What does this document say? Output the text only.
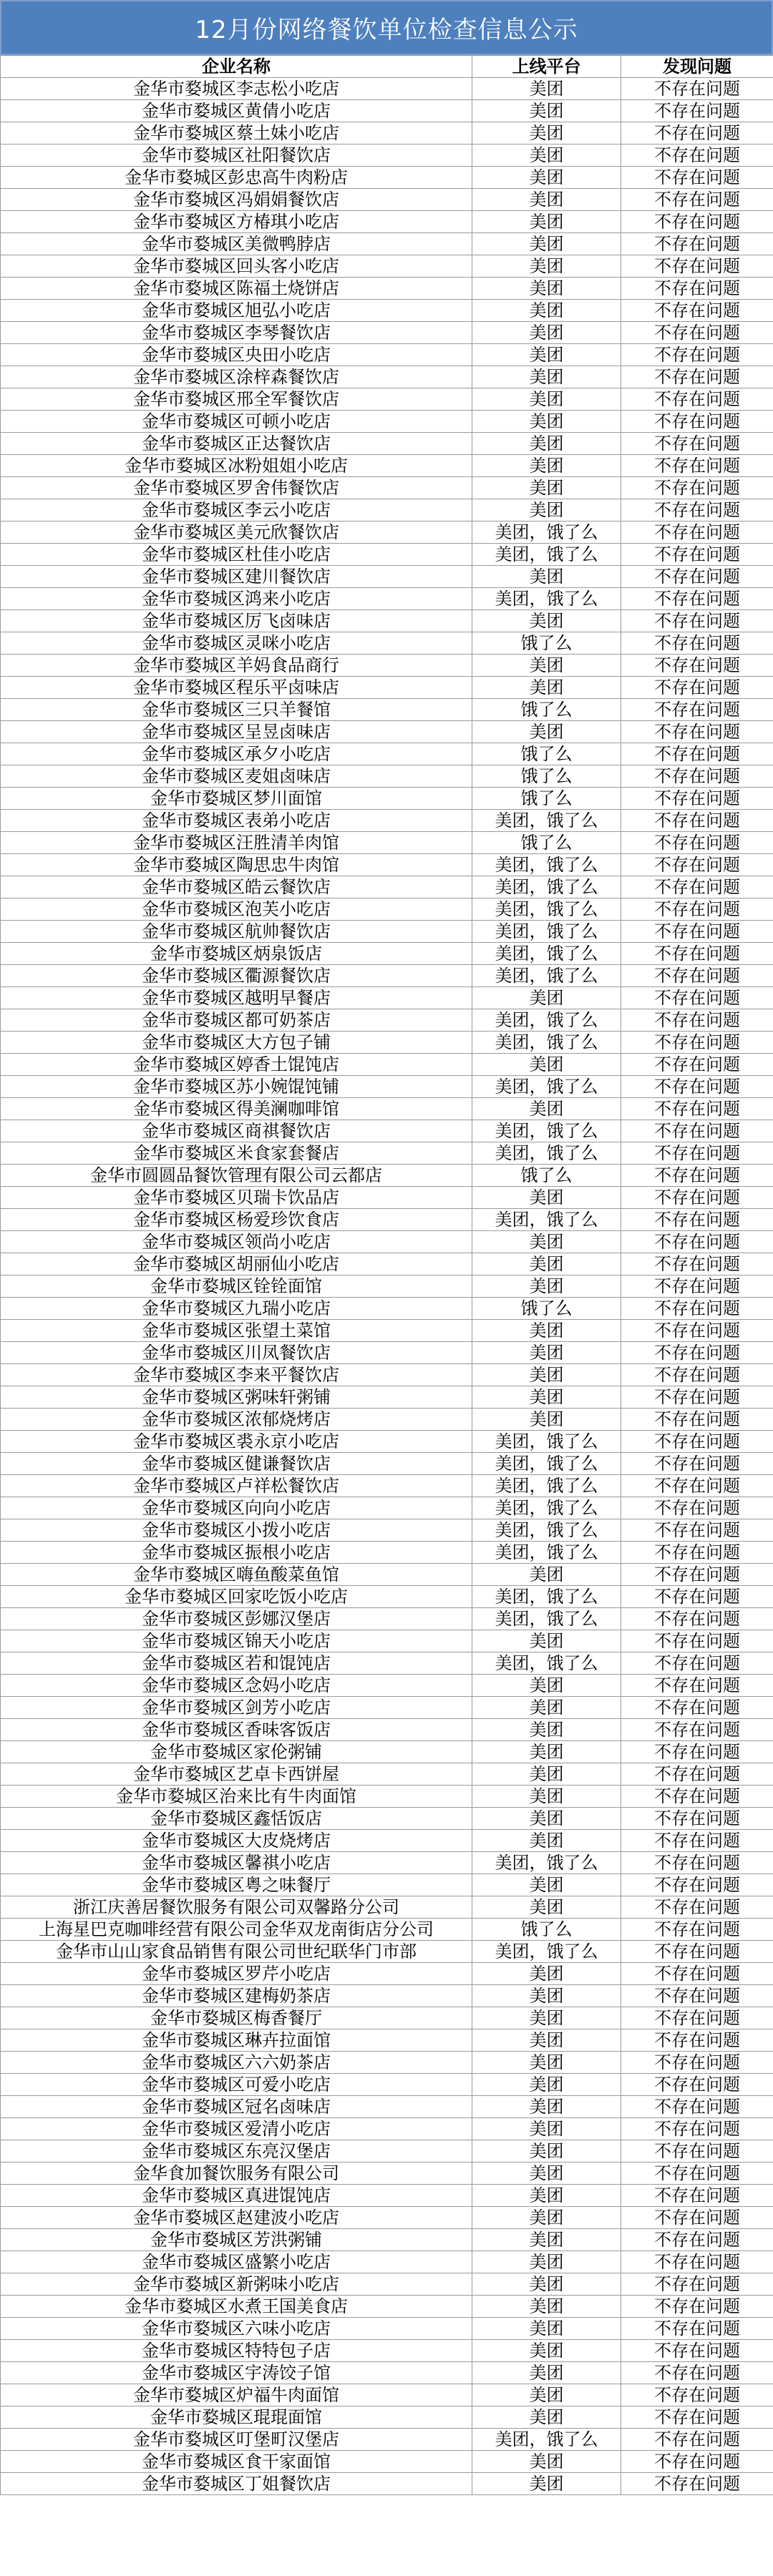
12月份网络餐饮单位检查信息公示
企业名称	上线平台	发现问题
金华市婺城区李志松小吃店	美团	不存在问题
金华市婺城区黄倩小吃店	美团	不存在问题
金华市婺城区蔡土妹小吃店	美团	不存在问题
金华市婺城区社阳餐饮店	美团	不存在问题
金华市婺城区彭忠高牛肉粉店	美团	不存在问题
金华市婺城区冯娟娟餐饮店	美团	不存在问题
金华市婺城区方椿琪小吃店	美团	不存在问题
金华市婺城区美微鸭脖店	美团	不存在问题
金华市婺城区回头客小吃店	美团	不存在问题
金华市婺城区陈福土烧饼店	美团	不存在问题
金华市婺城区旭弘小吃店	美团	不存在问题
金华市婺城区李琴餐饮店	美团	不存在问题
金华市婺城区央田小吃店	美团	不存在问题
金华市婺城区涂梓森餐饮店	美团	不存在问题
金华市婺城区邢全军餐饮店	美团	不存在问题
金华市婺城区可顿小吃店	美团	不存在问题
金华市婺城区正达餐饮店	美团	不存在问题
金华市婺城区冰粉姐姐小吃店	美团	不存在问题
金华市婺城区罗舍伟餐饮店	美团	不存在问题
金华市婺城区李云小吃店	美团	不存在问题
金华市婺城区美元欣餐饮店	美团，饿了么	不存在问题
金华市婺城区杜佳小吃店	美团，饿了么	不存在问题
金华市婺城区建川餐饮店	美团	不存在问题
金华市婺城区鸿来小吃店	美团，饿了么	不存在问题
金华市婺城区厉飞卤味店	美团	不存在问题
金华市婺城区灵咪小吃店	饿了么	不存在问题
金华市婺城区羊妈食品商行	美团	不存在问题
金华市婺城区程乐平卤味店	美团	不存在问题
金华市婺城区三只羊餐馆	饿了么	不存在问题
金华市婺城区呈昱卤味店	美团	不存在问题
金华市婺城区承夕小吃店	饿了么	不存在问题
金华市婺城区麦姐卤味店	饿了么	不存在问题
金华市婺城区梦川面馆	饿了么	不存在问题
金华市婺城区表弟小吃店	美团，饿了么	不存在问题
金华市婺城区汪胜清羊肉馆	饿了么	不存在问题
金华市婺城区陶思忠牛肉馆	美团，饿了么	不存在问题
金华市婺城区皓云餐饮店	美团，饿了么	不存在问题
金华市婺城区泡芙小吃店	美团，饿了么	不存在问题
金华市婺城区航帅餐饮店	美团，饿了么	不存在问题
金华市婺城区炳泉饭店	美团，饿了么	不存在问题
金华市婺城区衢源餐饮店	美团，饿了么	不存在问题
金华市婺城区越明早餐店	美团	不存在问题
金华市婺城区都可奶茶店	美团，饿了么	不存在问题
金华市婺城区大方包子铺	美团，饿了么	不存在问题
金华市婺城区婷香土馄饨店	美团	不存在问题
金华市婺城区苏小婉馄饨铺	美团，饿了么	不存在问题
金华市婺城区得美澜咖啡馆	美团	不存在问题
金华市婺城区商祺餐饮店	美团，饿了么	不存在问题
金华市婺城区米食家套餐店	美团，饿了么	不存在问题
金华市圆圆品餐饮管理有限公司云都店	饿了么	不存在问题
金华市婺城区贝瑞卡饮品店	美团	不存在问题
金华市婺城区杨爱珍饮食店	美团，饿了么	不存在问题
金华市婺城区领尚小吃店	美团	不存在问题
金华市婺城区胡丽仙小吃店	美团	不存在问题
金华市婺城区铨铨面馆	美团	不存在问题
金华市婺城区九瑞小吃店	饿了么	不存在问题
金华市婺城区张望土菜馆	美团	不存在问题
金华市婺城区川凤餐饮店	美团	不存在问题
金华市婺城区李来平餐饮店	美团	不存在问题
金华市婺城区粥味轩粥铺	美团	不存在问题
金华市婺城区浓郁烧烤店	美团	不存在问题
金华市婺城区裘永京小吃店	美团，饿了么	不存在问题
金华市婺城区健谦餐饮店	美团，饿了么	不存在问题
金华市婺城区卢祥松餐饮店	美团，饿了么	不存在问题
金华市婺城区向向小吃店	美团，饿了么	不存在问题
金华市婺城区小拨小吃店	美团，饿了么	不存在问题
金华市婺城区振根小吃店	美团，饿了么	不存在问题
金华市婺城区嗨鱼酸菜鱼馆	美团	不存在问题
金华市婺城区回家吃饭小吃店	美团，饿了么	不存在问题
金华市婺城区彭娜汉堡店	美团，饿了么	不存在问题
金华市婺城区锦天小吃店	美团	不存在问题
金华市婺城区若和馄饨店	美团，饿了么	不存在问题
金华市婺城区念妈小吃店	美团	不存在问题
金华市婺城区剑芳小吃店	美团	不存在问题
金华市婺城区香味客饭店	美团	不存在问题
金华市婺城区家伦粥铺	美团	不存在问题
金华市婺城区艺卓卡西饼屋	美团	不存在问题
金华市婺城区治来比有牛肉面馆	美团	不存在问题
金华市婺城区鑫恬饭店	美团	不存在问题
金华市婺城区大皮烧烤店	美团	不存在问题
金华市婺城区馨祺小吃店	美团，饿了么	不存在问题
金华市婺城区粤之味餐厅	美团	不存在问题
浙江庆善居餐饮服务有限公司双馨路分公司	美团	不存在问题
上海星巴克咖啡经营有限公司金华双龙南街店分公司	饿了么	不存在问题
金华市山山家食品销售有限公司世纪联华门市部	美团，饿了么	不存在问题
金华市婺城区罗芹小吃店	美团	不存在问题
金华市婺城区建梅奶茶店	美团	不存在问题
金华市婺城区梅香餐厅	美团	不存在问题
金华市婺城区琳卉拉面馆	美团	不存在问题
金华市婺城区六六奶茶店	美团	不存在问题
金华市婺城区可爱小吃店	美团	不存在问题
金华市婺城区冠名卤味店	美团	不存在问题
金华市婺城区爱清小吃店	美团	不存在问题
金华市婺城区东亮汉堡店	美团	不存在问题
金华食加餐饮服务有限公司	美团	不存在问题
金华市婺城区真进馄饨店	美团	不存在问题
金华市婺城区赵建波小吃店	美团	不存在问题
金华市婺城区芳洪粥铺	美团	不存在问题
金华市婺城区盛繁小吃店	美团	不存在问题
金华市婺城区新粥味小吃店	美团	不存在问题
金华市婺城区水煮王国美食店	美团	不存在问题
金华市婺城区六味小吃店	美团	不存在问题
金华市婺城区特特包子店	美团	不存在问题
金华市婺城区宇涛饺子馆	美团	不存在问题
金华市婺城区炉福牛肉面馆	美团	不存在问题
金华市婺城区琨琨面馆	美团	不存在问题
金华市婺城区叮堡町汉堡店	美团，饿了么	不存在问题
金华市婺城区食干家面馆	美团	不存在问题
金华市婺城区丁姐餐饮店	美团	不存在问题
